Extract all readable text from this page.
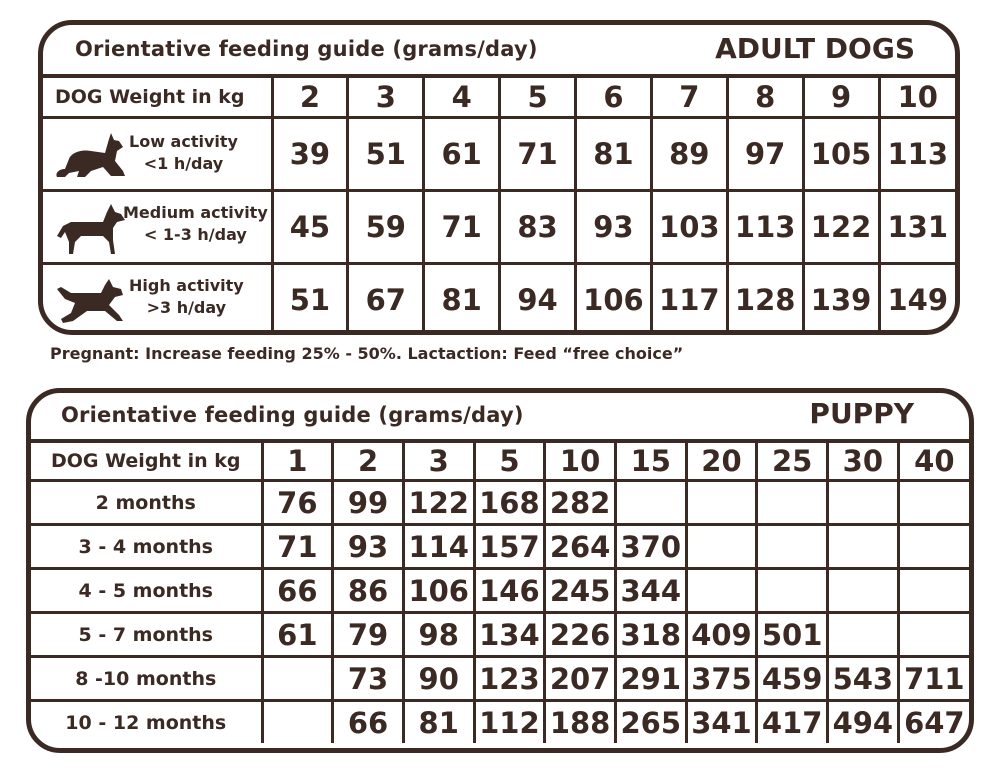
Orientative feeding guide (grams/day)	ADULT DOGS
DOG Weight in kg	2	3	4	5	6	7	8	9	10

Low activity
<1 h/day	39	51	61	71	81	89	97	105	113

Medium activity
< 1-3 h/day	45	59	71	83	93	103	113	122	131

High activity
>3 h/day	51	67	81	94	106	117	128	139	149
Pregnant: Increase feeding 25% - 50%. Lactaction: Feed “free choice”
Orientative feeding guide (grams/day)	PUPPY
DOG Weight in kg	1	2	3	5	10	15	20	25	30	40
2 months	76	99	122	168	282					
3 - 4 months	71	93	114	157	264	370				
4 - 5 months	66	86	106	146	245	344				
5 - 7 months	61	79	98	134	226	318	409	501		
8 -10 months		73	90	123	207	291	375	459	543	711
10 - 12 months		66	81	112	188	265	341	417	494	647
